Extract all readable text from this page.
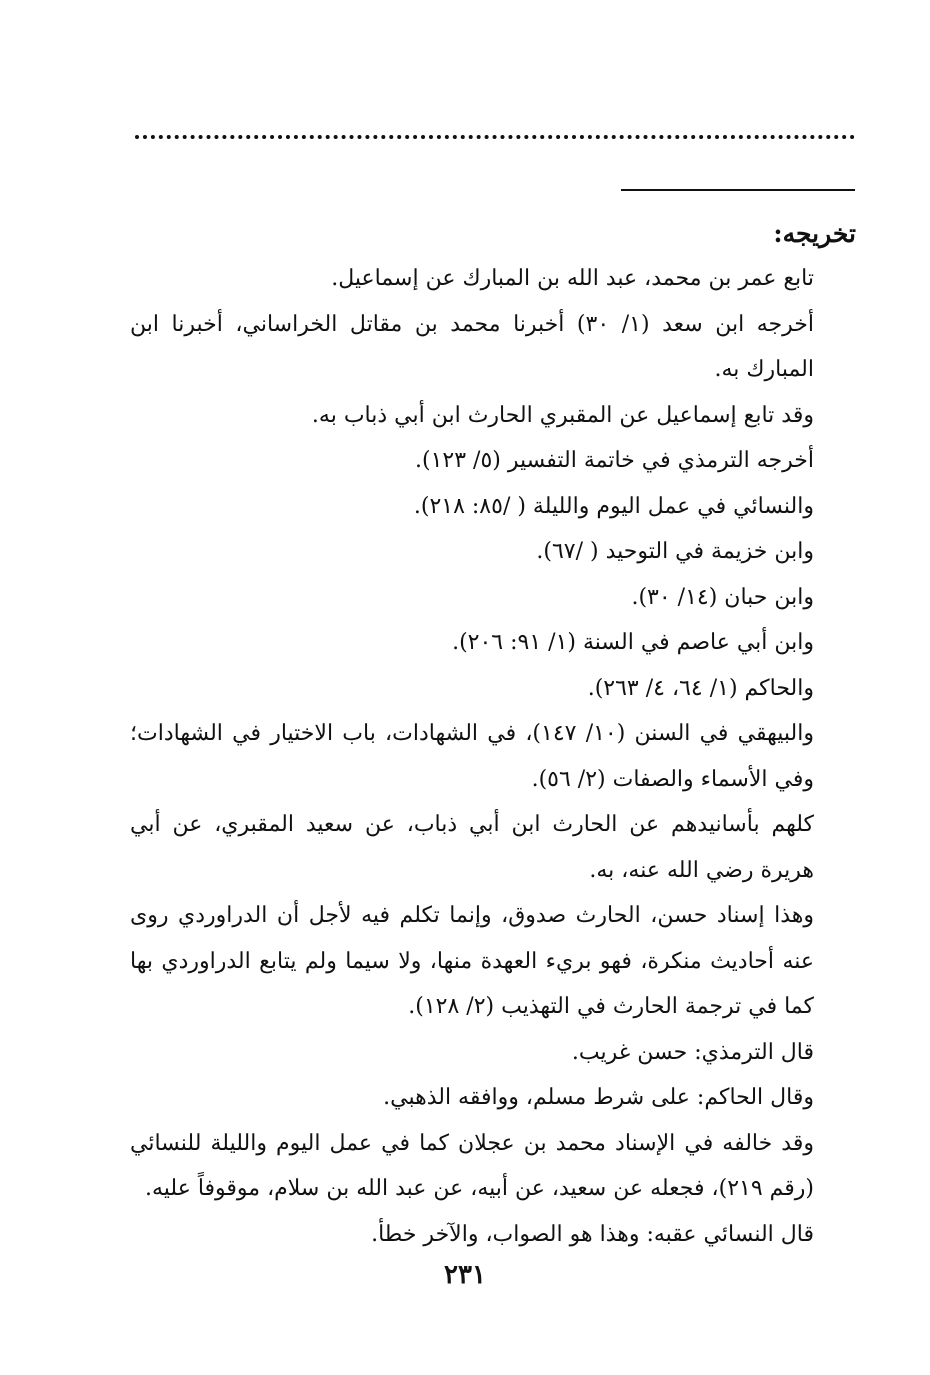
تخريجه:

تابع عمر بن محمد، عبد الله بن المبارك عن إسماعيل.

أخرجه ابن سعد (١/ ٣٠) أخبرنا محمد بن مقاتل الخراساني، أخبرنا ابن المبارك به.

وقد تابع إسماعيل عن المقبري الحارث ابن أبي ذباب به.

أخرجه الترمذي في خاتمة التفسير (٥/ ١٢٣).

والنسائي في عمل اليوم والليلة ( /٨٥: ٢١٨).

وابن خزيمة في التوحيد ( /٦٧).

وابن حبان (١٤/ ٣٠).

وابن أبي عاصم في السنة (١/ ٩١: ٢٠٦).

والحاكم (١/ ٦٤، ٤/ ٢٦٣).

والبيهقي في السنن (١٠/ ١٤٧)، في الشهادات، باب الاختيار في الشهادات؛ وفي الأسماء والصفات (٢/ ٥٦).

كلهم بأسانيدهم عن الحارث ابن أبي ذباب، عن سعيد المقبري، عن أبي هريرة رضي الله عنه، به.

وهذا إسناد حسن، الحارث صدوق، وإنما تكلم فيه لأجل أن الدراوردي روى عنه أحاديث منكرة، فهو بريء العهدة منها، ولا سيما ولم يتابع الدراوردي بها كما في ترجمة الحارث في التهذيب (٢/ ١٢٨).

قال الترمذي: حسن غريب.

وقال الحاكم: على شرط مسلم، ووافقه الذهبي.

وقد خالفه في الإسناد محمد بن عجلان كما في عمل اليوم والليلة للنسائي (رقم ٢١٩)، فجعله عن سعيد، عن أبيه، عن عبد الله بن سلام، موقوفاً عليه.

قال النسائي عقبه: وهذا هو الصواب، والآخر خطأ.

٢٣١
